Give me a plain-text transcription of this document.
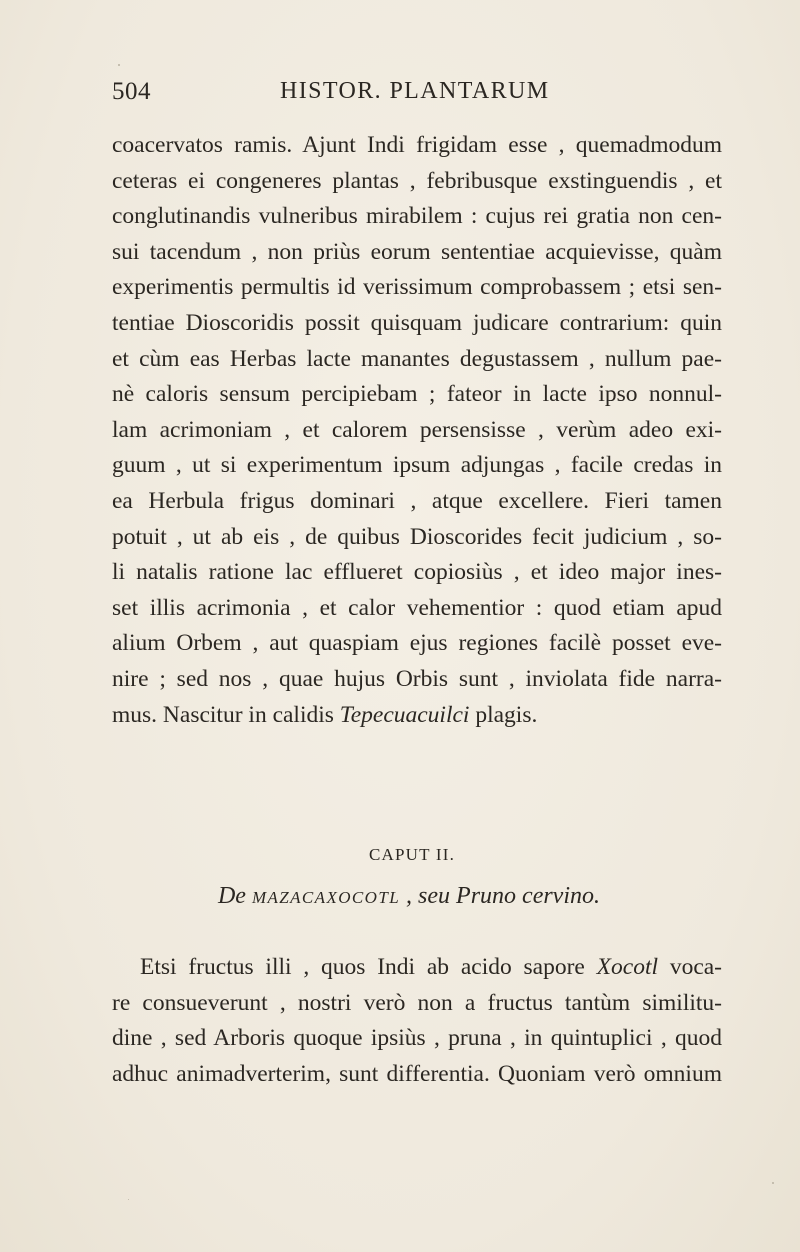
504	HISTOR. PLANTARUM
coacervatos ramis. Ajunt Indi frigidam esse , quemadmodum
ceteras ei congeneres plantas , febribusque exstinguendis , et
conglutinandis vulneribus mirabilem : cujus rei gratia non cen-
sui tacendum , non priùs eorum sententiae acquievisse, quàm
experimentis permultis id verissimum comprobassem ; etsi sen-
tentiae Dioscoridis possit quisquam judicare contrarium: quin
et cùm eas Herbas lacte manantes degustassem , nullum pae-
nè caloris sensum percipiebam ; fateor in lacte ipso nonnul-
lam acrimoniam , et calorem persensisse , verùm adeo exi-
guum , ut si experimentum ipsum adjungas , facile credas in
ea Herbula frigus dominari , atque excellere. Fieri tamen
potuit , ut ab eis , de quibus Dioscorides fecit judicium , so-
li natalis ratione lac efflueret copiosiùs , et ideo major ines-
set illis acrimonia , et calor vehementior : quod etiam apud
alium Orbem , aut quaspiam ejus regiones facilè posset eve-
nire ; sed nos , quae hujus Orbis sunt , inviolata fide narra-
mus. Nascitur in calidis Tepecuacuilci plagis.
CAPUT II.
De MAZACAXOCOTL , seu Pruno cervino.
Etsi fructus illi , quos Indi ab acido sapore Xocotl voca-
re consueverunt , nostri verò non a fructus tantùm similitu-
dine , sed Arboris quoque ipsiùs , pruna , in quintuplici , quod
adhuc animadverterim, sunt differentia. Quoniam verò omnium
